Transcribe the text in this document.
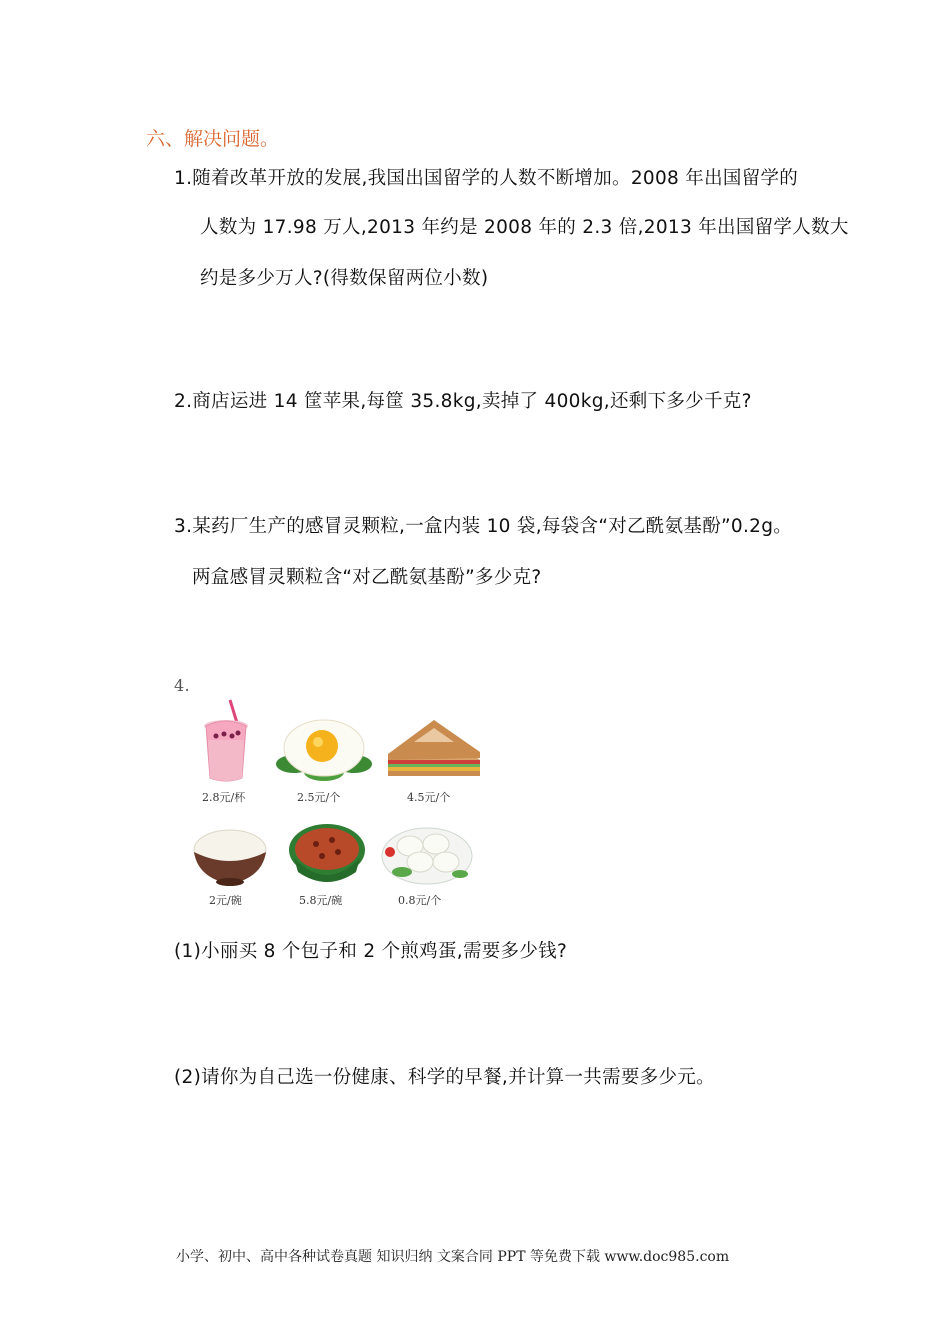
六、解决问题。
1.随着改革开放的发展,我国出国留学的人数不断增加。2008 年出国留学的
人数为 17.98 万人,2013 年约是 2008 年的 2.3 倍,2013 年出国留学人数大
约是多少万人?(得数保留两位小数)
2.商店运进 14 筐苹果,每筐 35.8kg,卖掉了 400kg,还剩下多少千克?
3.某药厂生产的感冒灵颗粒,一盒内装 10 袋,每袋含“对乙酰氨基酚”0.2g。
两盒感冒灵颗粒含“对乙酰氨基酚”多少克?
4.
2.8元/杯	2.5元/个	4.5元/个
2元/碗	5.8元/碗	0.8元/个
(1)小丽买 8 个包子和 2 个煎鸡蛋,需要多少钱?
(2)请你为自己选一份健康、科学的早餐,并计算一共需要多少元。
小学、初中、高中各种试卷真题 知识归纳 文案合同 PPT 等免费下载 www.doc985.com
